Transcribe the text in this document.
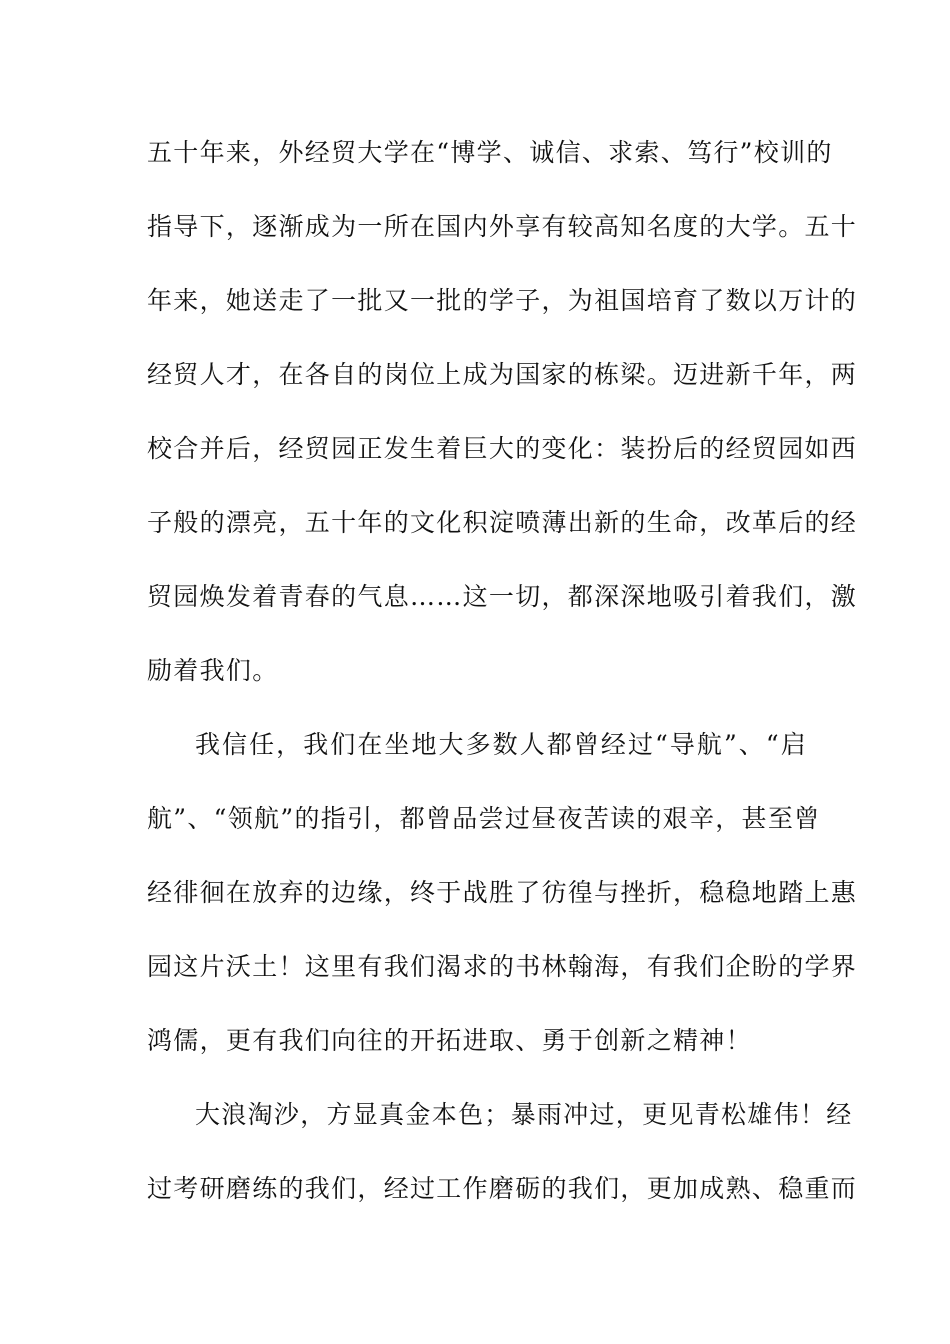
五十年来，外经贸大学在“博学、诚信、求索、笃行”校训的
指导下，逐渐成为一所在国内外享有较高知名度的大学。五十
年来，她送走了一批又一批的学子，为祖国培育了数以万计的
经贸人才，在各自的岗位上成为国家的栋梁。迈进新千年，两
校合并后，经贸园正发生着巨大的变化：装扮后的经贸园如西
子般的漂亮，五十年的文化积淀喷薄出新的生命，改革后的经
贸园焕发着青春的气息……这一切，都深深地吸引着我们，激
励着我们。
我信任，我们在坐地大多数人都曾经过“导航”、“启
航”、“领航”的指引，都曾品尝过昼夜苦读的艰辛，甚至曾
经徘徊在放弃的边缘，终于战胜了彷徨与挫折，稳稳地踏上惠
园这片沃土！这里有我们渴求的书林翰海，有我们企盼的学界
鸿儒，更有我们向往的开拓进取、勇于创新之精神！
大浪淘沙，方显真金本色；暴雨冲过，更见青松雄伟！经
过考研磨练的我们，经过工作磨砺的我们，更加成熟、稳重而
